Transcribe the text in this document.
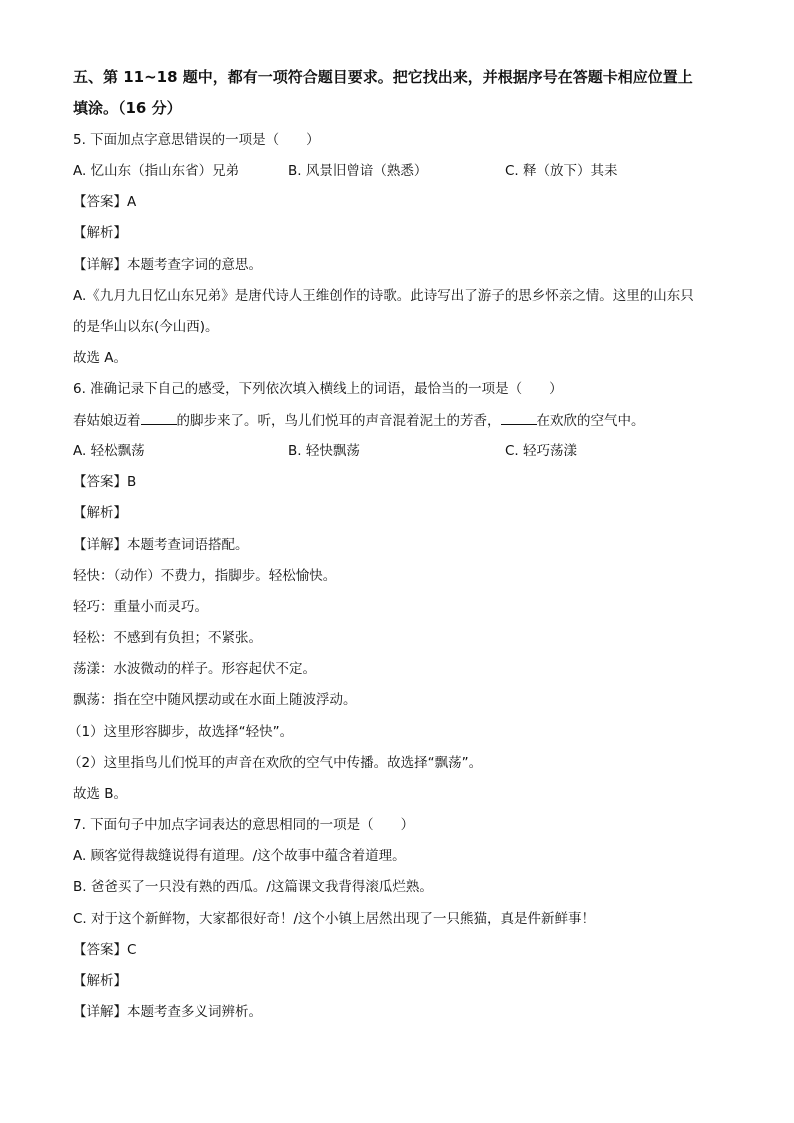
五、第 11~18 题中，都有一项符合题目要求。把它找出来，并根据序号在答题卡相应位置上
填涂。（16 分）
5. 下面加点字意思错误的一项是（　　）
A. 忆山东（指山东省）兄弟	B. 风景旧曾谙（熟悉）	C. 释（放下）其耒
【答案】A
【解析】
【详解】本题考查字词的意思。
A.《九月九日忆山东兄弟》是唐代诗人王维创作的诗歌。此诗写出了游子的思乡怀亲之情。这里的山东只
的是华山以东(今山西)。
故选 A。
6. 准确记录下自己的感受，下列依次填入横线上的词语，最恰当的一项是（　　）
春姑娘迈着	的脚步来了。听，鸟儿们悦耳的声音混着泥土的芳香，	在欢欣的空气中。
A. 轻松飘荡	B. 轻快飘荡	C. 轻巧荡漾
【答案】B
【解析】
【详解】本题考查词语搭配。
轻快：（动作）不费力，指脚步。轻松愉快。
轻巧：重量小而灵巧。
轻松：不感到有负担；不紧张。
荡漾：水波微动的样子。形容起伏不定。
飘荡：指在空中随风摆动或在水面上随波浮动。
（1）这里形容脚步，故选择“轻快”。
（2）这里指鸟儿们悦耳的声音在欢欣的空气中传播。故选择“飘荡”。
故选 B。
7. 下面句子中加点字词表达的意思相同的一项是（　　）
A. 顾客觉得裁缝说得有道理。/这个故事中蕴含着道理。
B. 爸爸买了一只没有熟的西瓜。/这篇课文我背得滚瓜烂熟。
C. 对于这个新鲜物，大家都很好奇！/这个小镇上居然出现了一只熊猫，真是件新鲜事！
【答案】C
【解析】
【详解】本题考查多义词辨析。
